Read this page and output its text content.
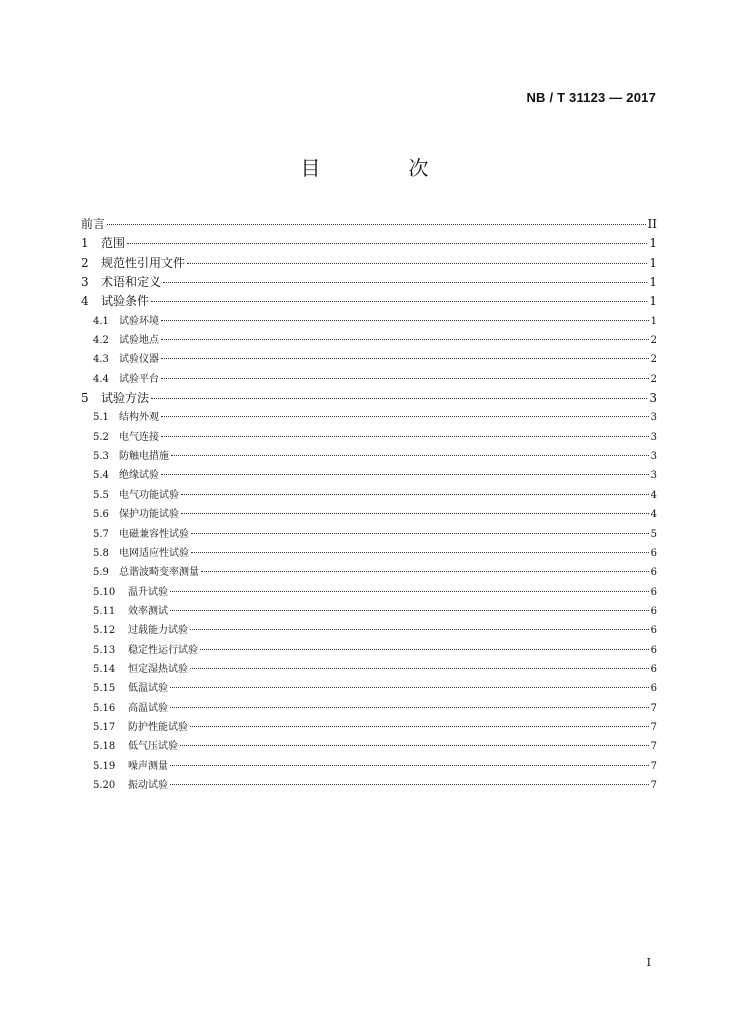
NB / T 31123 — 2017
目　次
前言	II
1	范围	1
2	规范性引用文件	1
3	术语和定义	1
4	试验条件	1
4.1	试验环境	1
4.2	试验地点	2
4.3	试验仪器	2
4.4	试验平台	2
5	试验方法	3
5.1	结构外观	3
5.2	电气连接	3
5.3	防触电措施	3
5.4	绝缘试验	3
5.5	电气功能试验	4
5.6	保护功能试验	4
5.7	电磁兼容性试验	5
5.8	电网适应性试验	6
5.9	总谐波畸变率测量	6
5.10	温升试验	6
5.11	效率测试	6
5.12	过载能力试验	6
5.13	稳定性运行试验	6
5.14	恒定湿热试验	6
5.15	低温试验	6
5.16	高温试验	7
5.17	防护性能试验	7
5.18	低气压试验	7
5.19	噪声测量	7
5.20	振动试验	7
I
